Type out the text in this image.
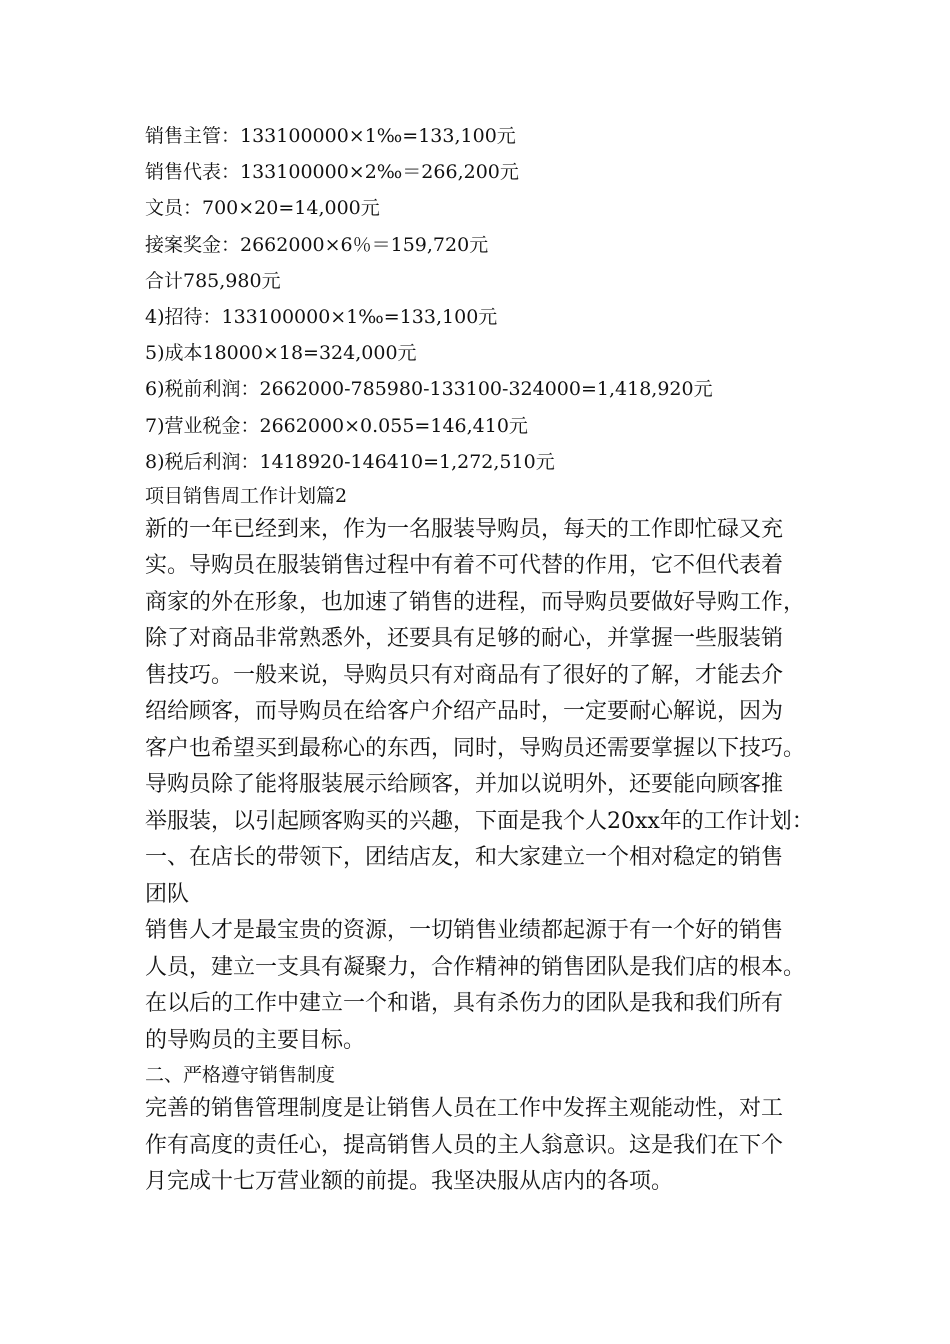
销售主管：133100000×1‰=133,100元
销售代表：133100000×2‰＝266,200元
文员：700×20=14,000元
接案奖金：2662000×6％＝159,720元
合计785,980元
4)招待：133100000×1‰=133,100元
5)成本18000×18=324,000元
6)税前利润：2662000-785980-133100-324000=1,418,920元
7)营业税金：2662000×0.055=146,410元
8)税后利润：1418920-146410=1,272,510元
项目销售周工作计划篇2

新的一年已经到来，作为一名服装导购员，每天的工作即忙碌又充
实。导购员在服装销售过程中有着不可代替的作用，它不但代表着
商家的外在形象，也加速了销售的进程，而导购员要做好导购工作，
除了对商品非常熟悉外，还要具有足够的耐心，并掌握一些服装销
售技巧。一般来说，导购员只有对商品有了很好的了解，才能去介
绍给顾客，而导购员在给客户介绍产品时，一定要耐心解说，因为
客户也希望买到最称心的东西，同时，导购员还需要掌握以下技巧。
导购员除了能将服装展示给顾客，并加以说明外，还要能向顾客推
举服装，以引起顾客购买的兴趣，下面是我个人20xx年的工作计划：

一、在店长的带领下，团结店友，和大家建立一个相对稳定的销售
团队

销售人才是最宝贵的资源，一切销售业绩都起源于有一个好的销售
人员，建立一支具有凝聚力，合作精神的销售团队是我们店的根本。
在以后的工作中建立一个和谐，具有杀伤力的团队是我和我们所有
的导购员的主要目标。

二、严格遵守销售制度

完善的销售管理制度是让销售人员在工作中发挥主观能动性，对工
作有高度的责任心，提高销售人员的主人翁意识。这是我们在下个
月完成十七万营业额的前提。我坚决服从店内的各项。
